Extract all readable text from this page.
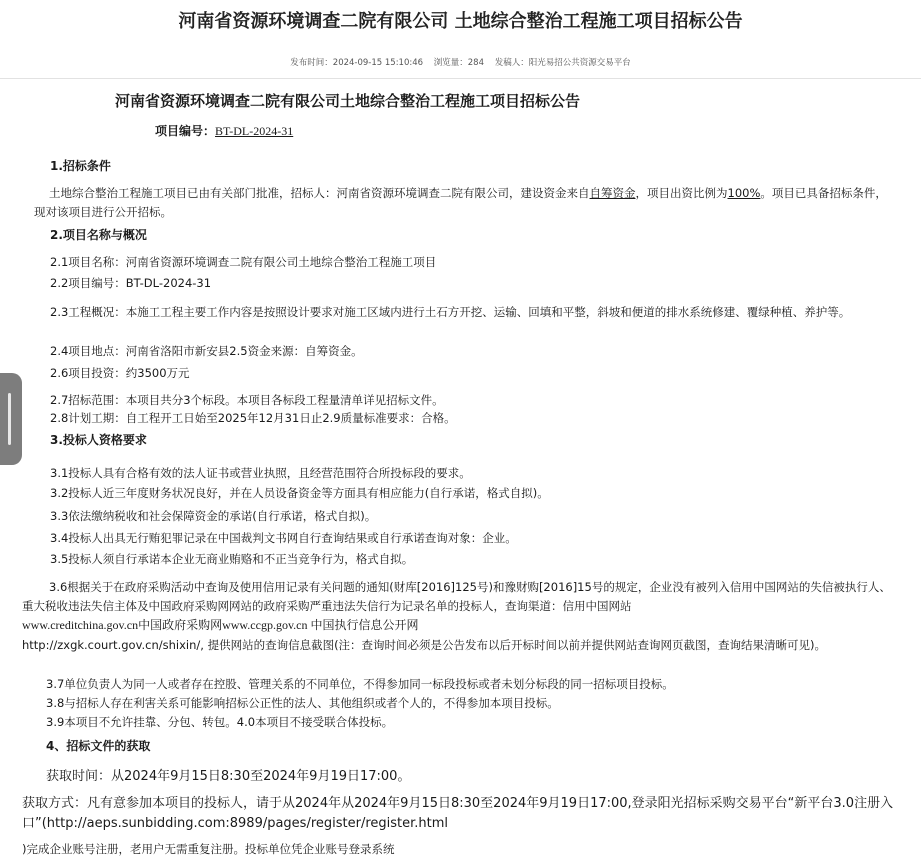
河南省资源环境调查二院有限公司 土地综合整治工程施工项目招标公告
发布时间：2024-09-15 15:10:46 浏览量：284 发稿人：阳光易招公共资源交易平台
河南省资源环境调查二院有限公司土地综合整治工程施工项目招标公告
项目编号：BT-DL-2024-31
1.招标条件
土地综合整治工程施工项目已由有关部门批准，招标人：河南省资源环境调查二院有限公司，建设资金来自自筹资金，项目出资比例为100%。项目已具备招标条件，现对该项目进行公开招标。
2.项目名称与概况
2.1项目名称：河南省资源环境调查二院有限公司土地综合整治工程施工项目
2.2项目编号：BT-DL-2024-31
2.3工程概况：本施工工程主要工作内容是按照设计要求对施工区域内进行土石方开挖、运输、回填和平整，斜坡和便道的排水系统修建、覆绿种植、养护等。
2.4项目地点：河南省洛阳市新安县2.5资金来源：自筹资金。
2.6项目投资：约3500万元
2.7招标范围：本项目共分3个标段。本项目各标段工程量清单详见招标文件。
2.8计划工期：自工程开工日始至2025年12月31日止2.9质量标准要求：合格。
3.投标人资格要求
3.1投标人具有合格有效的法人证书或营业执照，且经营范围符合所投标段的要求。
3.2投标人近三年度财务状况良好，并在人员设备资金等方面具有相应能力(自行承诺，格式自拟)。
3.3依法缴纳税收和社会保障资金的承诺(自行承诺，格式自拟)。
3.4投标人出具无行贿犯罪记录在中国裁判文书网自行查询结果或自行承诺查询对象：企业。
3.5投标人须自行承诺本企业无商业贿赂和不正当竞争行为，格式自拟。
3.6根据关于在政府采购活动中查询及使用信用记录有关问题的通知(财库[2016]125号)和豫财购[2016]15号的规定，企业没有被列入信用中国网站的失信被执行人、重大税收违法失信主体及中国政府采购网网站的政府采购严重违法失信行为记录名单的投标人，查询渠道：信用中国网站
www.creditchina.gov.cn中国政府采购网www.ccgp.gov.cn 中国执行信息公开网
http://zxgk.court.gov.cn/shixin/, 提供网站的查询信息截图(注：查询时间必须是公告发布以后开标时间以前并提供网站查询网页截图，查询结果清晰可见)。
3.7单位负责人为同一人或者存在控股、管理关系的不同单位，不得参加同一标段投标或者未划分标段的同一招标项目投标。
3.8与招标人存在利害关系可能影响招标公正性的法人、其他组织或者个人的，不得参加本项目投标。
3.9本项目不允许挂靠、分包、转包。4.0本项目不接受联合体投标。
4、招标文件的获取
获取时间：从2024年9月15日8:30至2024年9月19日17:00。
获取方式：凡有意参加本项目的投标人，请于从2024年从2024年9月15日8:30至2024年9月19日17:00,登录阳光招标采购交易平台“新平台3.0注册入口”(http://aeps.sunbidding.com:8989/pages/register/register.html
)完成企业账号注册，老用户无需重复注册。投标单位凭企业账号登录系统
